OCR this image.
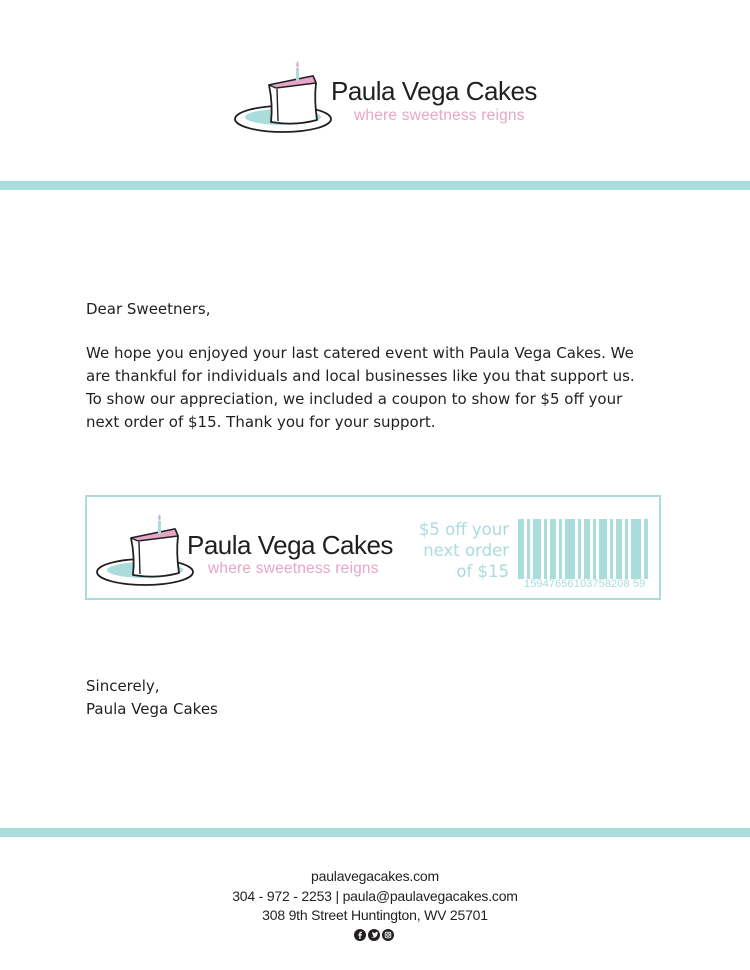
Paula Vega Cakes
where sweetness reigns

Dear Sweetners,

We hope you enjoyed your last catered event with Paula Vega Cakes. We

are thankful for individuals and local businesses like you that support us.

To show our appreciation, we included a coupon to show for $5 off your

next order of $15. Thank you for your support.

Paula Vega Cakes
where sweetness reigns
$5 off your
next order
of $15
15947656103758208 59

Sincerely,

Paula Vega Cakes

paulavegacakes.com
304 - 972 - 2253 | paula@paulavegacakes.com
308 9th Street Huntington, WV 25701
